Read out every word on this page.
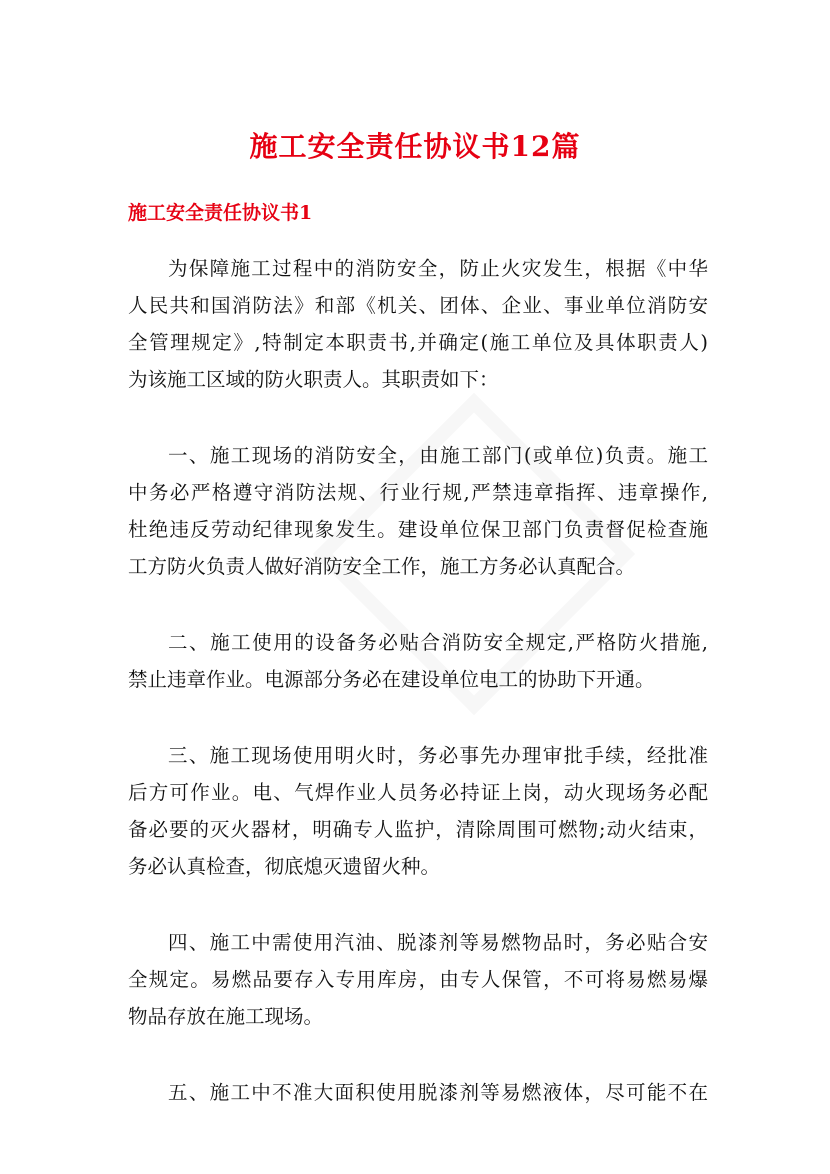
施工安全责任协议书12篇
施工安全责任协议书1
为保障施工过程中的消防安全，防止火灾发生，根据《中华
人民共和国消防法》和部《机关、团体、企业、事业单位消防安
全管理规定》,特制定本职责书,并确定(施工单位及具体职责人)
为该施工区域的防火职责人。其职责如下：
一、施工现场的消防安全，由施工部门(或单位)负责。施工
中务必严格遵守消防法规、行业行规,严禁违章指挥、违章操作,
杜绝违反劳动纪律现象发生。建设单位保卫部门负责督促检查施
工方防火负责人做好消防安全工作，施工方务必认真配合。
二、施工使用的设备务必贴合消防安全规定,严格防火措施,
禁止违章作业。电源部分务必在建设单位电工的协助下开通。
三、施工现场使用明火时，务必事先办理审批手续，经批准
后方可作业。电、气焊作业人员务必持证上岗，动火现场务必配
备必要的灭火器材，明确专人监护，清除周围可燃物;动火结束，
务必认真检查，彻底熄灭遗留火种。
四、施工中需使用汽油、脱漆剂等易燃物品时，务必贴合安
全规定。易燃品要存入专用库房，由专人保管，不可将易燃易爆
物品存放在施工现场。
五、施工中不准大面积使用脱漆剂等易燃液体，尽可能不在
